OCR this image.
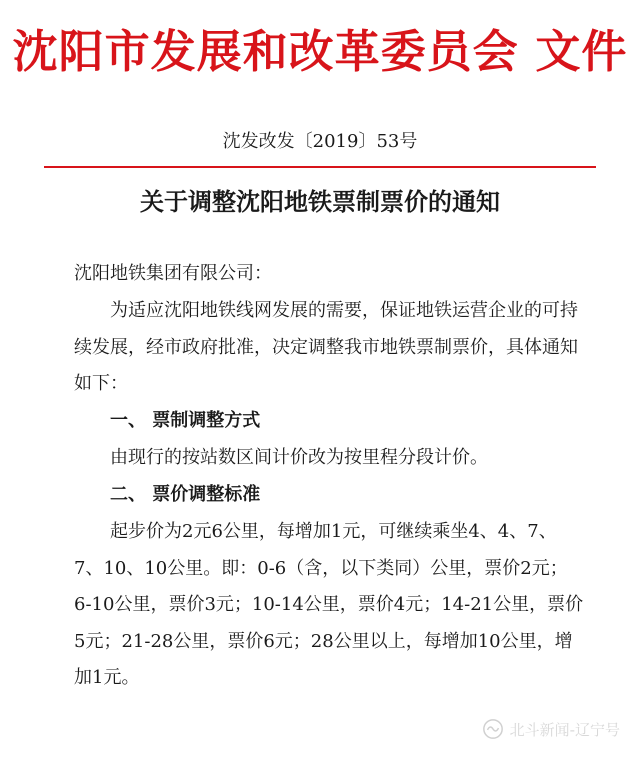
沈阳市发展和改革委员会 文件
沈发改发〔2019〕53号
关于调整沈阳地铁票制票价的通知
沈阳地铁集团有限公司：
为适应沈阳地铁线网发展的需要，保证地铁运营企业的可持续发展，经市政府批准，决定调整我市地铁票制票价，具体通知如下：
一、 票制调整方式
由现行的按站数区间计价改为按里程分段计价。
二、 票价调整标准
起步价为2元6公里，每增加1元，可继续乘坐4、4、7、7、10、10公里。即：0-6（含，以下类同）公里，票价2元；6-10公里，票价3元；10-14公里，票价4元；14-21公里，票价5元；21-28公里，票价6元；28公里以上，每增加10公里，增加1元。
北斗新闻-辽宁号
